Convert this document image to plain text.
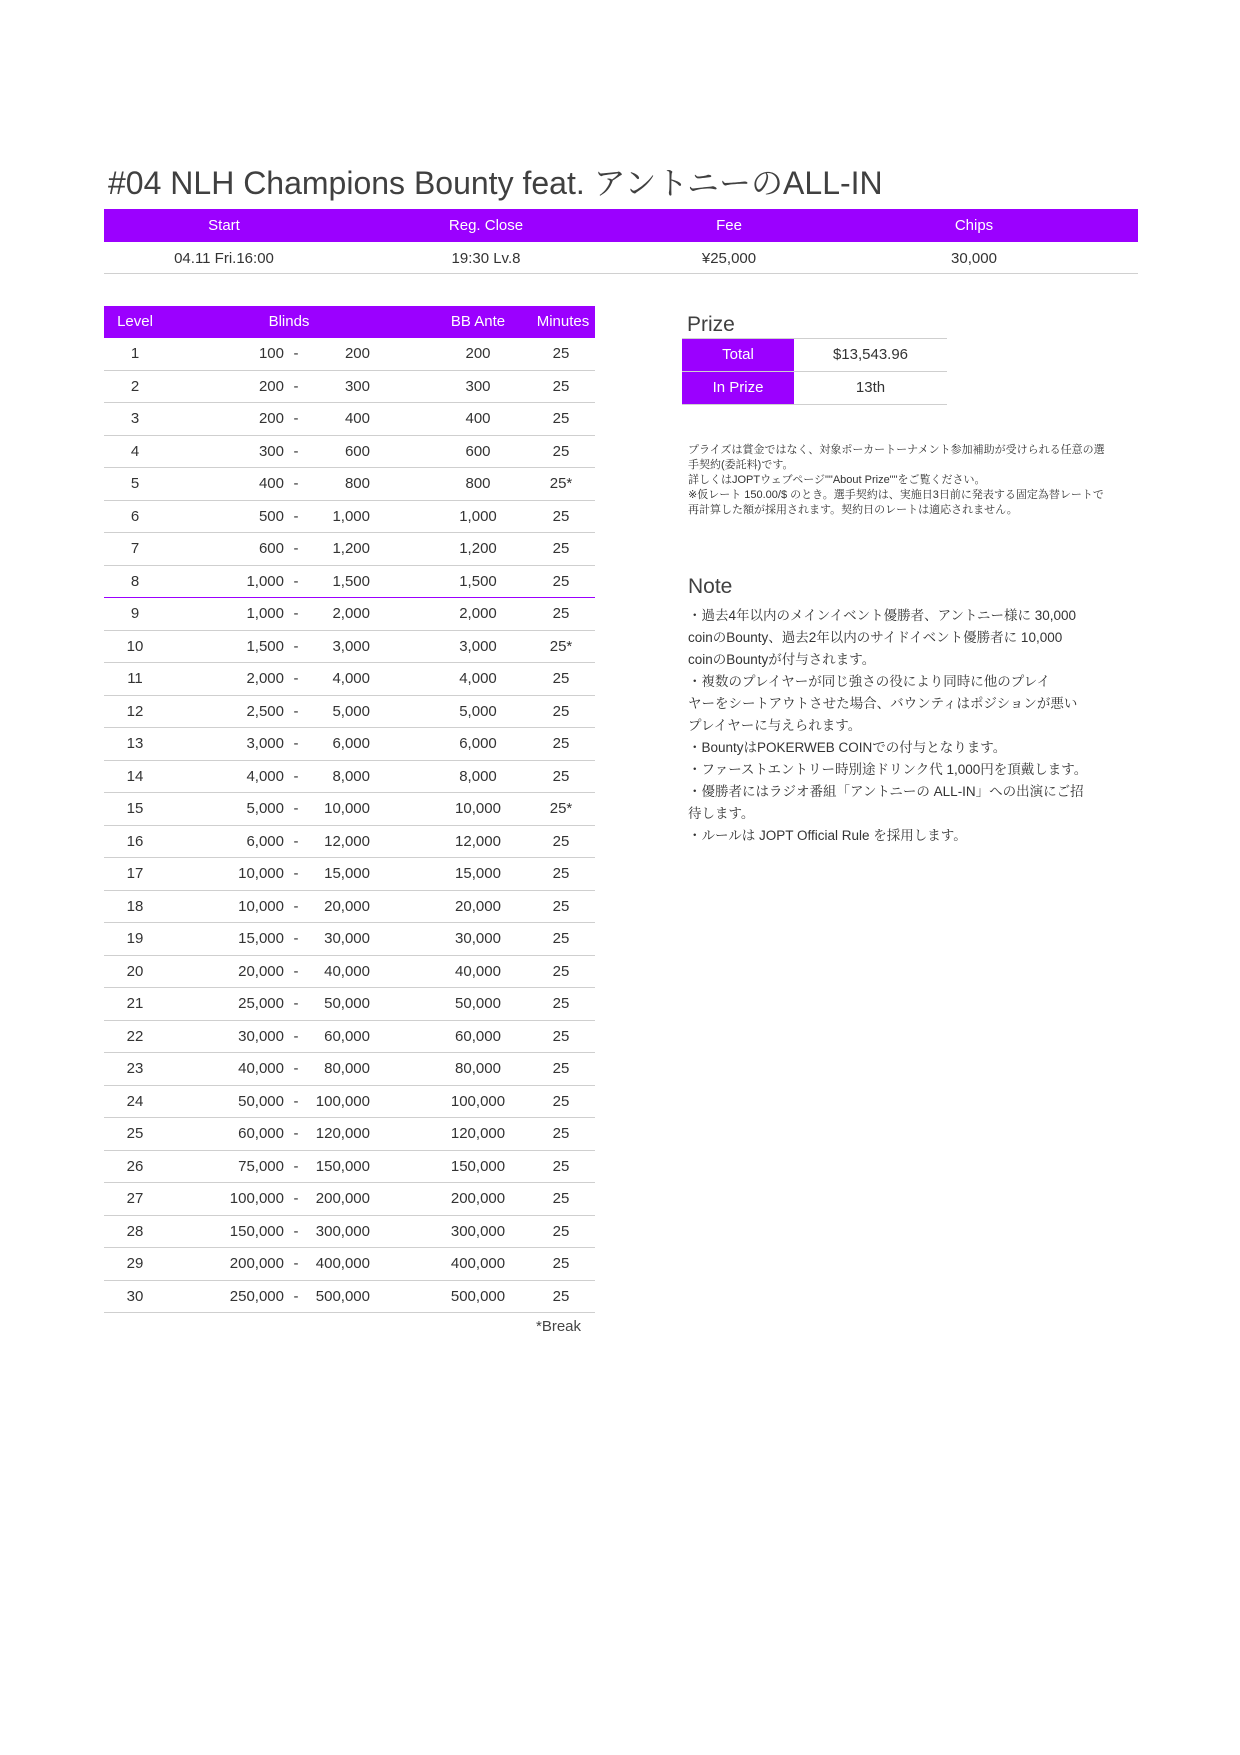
#04 NLH Champions Bounty feat. アントニーのALL-IN
Start	Reg. Close	Fee	Chips
04.11 Fri.16:00	19:30 Lv.8	¥25,000	30,000
Level	Blinds	BB Ante	Minutes
1	100 -	200	200	25
2	200 -	300	300	25
3	200 -	400	400	25
4	300 -	600	600	25
5	400 -	800	800	25*
6	500 -	1,000	1,000	25
7	600 -	1,200	1,200	25
8	1,000 -	1,500	1,500	25
9	1,000 -	2,000	2,000	25
10	1,500 -	3,000	3,000	25*
11	2,000 -	4,000	4,000	25
12	2,500 -	5,000	5,000	25
13	3,000 -	6,000	6,000	25
14	4,000 -	8,000	8,000	25
15	5,000 -	10,000	10,000	25*
16	6,000 -	12,000	12,000	25
17	10,000 -	15,000	15,000	25
18	10,000 -	20,000	20,000	25
19	15,000 -	30,000	30,000	25
20	20,000 -	40,000	40,000	25
21	25,000 -	50,000	50,000	25
22	30,000 -	60,000	60,000	25
23	40,000 -	80,000	80,000	25
24	50,000 -	100,000	100,000	25
25	60,000 -	120,000	120,000	25
26	75,000 -	150,000	150,000	25
27	100,000 -	200,000	200,000	25
28	150,000 -	300,000	300,000	25
29	200,000 -	400,000	400,000	25
30	250,000 -	500,000	500,000	25
*Break
Prize
Total	$13,543.96
In Prize	13th
プライズは賞金ではなく、対象ポーカートーナメント参加補助が受けられる任意の選
手契約(委託料)です。
詳しくはJOPTウェブページ""About Prize""をご覧ください。
※仮レート 150.00/$ のとき。選手契約は、実施日3日前に発表する固定為替レートで
再計算した額が採用されます。契約日のレートは適応されません。
Note
・過去4年以内のメインイベント優勝者、アントニー様に 30,000
coinのBounty、過去2年以内のサイドイベント優勝者に 10,000
coinのBountyが付与されます。
・複数のプレイヤーが同じ強さの役により同時に他のプレイ
ヤーをシートアウトさせた場合、バウンティはポジションが悪い
プレイヤーに与えられます。
・BountyはPOKERWEB COINでの付与となります。
・ファーストエントリー時別途ドリンク代 1,000円を頂戴します。
・優勝者にはラジオ番組「アントニーの ALL-IN」への出演にご招
待します。
・ルールは JOPT Official Rule を採用します。
